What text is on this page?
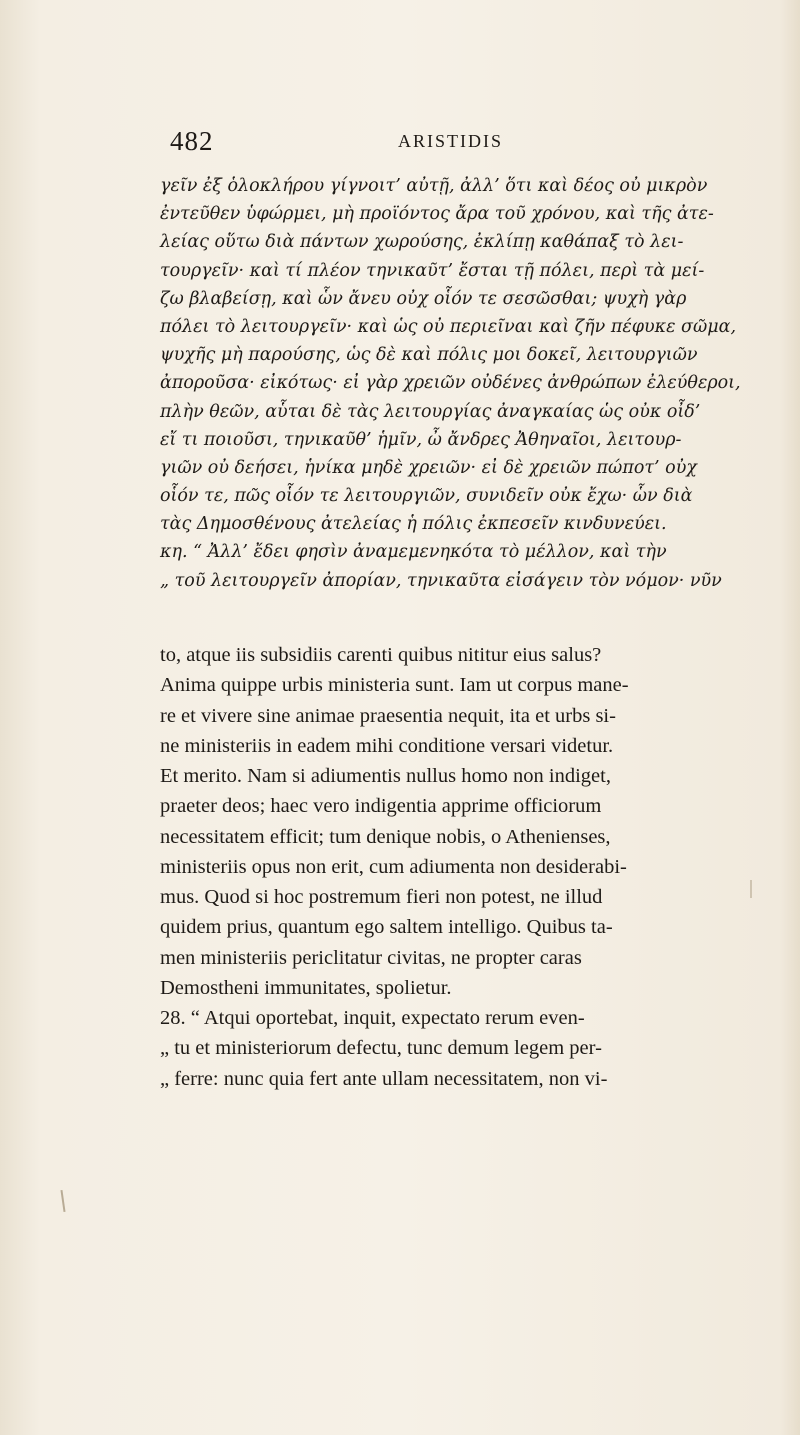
482	ARISTIDIS
γεῖν ἐξ ὁλοκλήρου γίγνοιτ’ αὐτῇ, ἀλλ’ ὅτι καὶ δέος οὐ μικρὸν
ἐντεῦθεν ὑφώρμει, μὴ προϊόντος ἄρα τοῦ χρόνου, καὶ τῆς ἀτε-
λείας οὕτω διὰ πάντων χωρούσης, ἐκλίπῃ καθάπαξ τὸ λει-
τουργεῖν· καὶ τί πλέον τηνικαῦτ’ ἔσται τῇ πόλει, περὶ τὰ μεί-
ζω βλαβείσῃ, καὶ ὧν ἄνευ οὐχ οἷόν τε σεσῶσθαι; ψυχὴ γὰρ
πόλει τὸ λειτουργεῖν· καὶ ὡς οὐ περιεῖναι καὶ ζῆν πέφυκε σῶμα,
ψυχῆς μὴ παρούσης, ὡς δὲ καὶ πόλις μοι δοκεῖ, λειτουργιῶν
ἀποροῦσα· εἰκότως· εἰ γὰρ χρειῶν οὐδένες ἀνθρώπων ἐλεύθεροι,
πλὴν θεῶν, αὗται δὲ τὰς λειτουργίας ἀναγκαίας ὡς οὐκ οἶδ’
εἴ τι ποιοῦσι, τηνικαῦθ’ ἡμῖν, ὦ ἄνδρες Ἀθηναῖοι, λειτουρ-
γιῶν οὐ δεήσει, ἡνίκα μηδὲ χρειῶν· εἰ δὲ χρειῶν πώποτ’ οὐχ
οἷόν τε, πῶς οἷόν τε λειτουργιῶν, συνιδεῖν οὐκ ἔχω· ὧν διὰ
τὰς Δημοσθένους ἀτελείας ἡ πόλις ἐκπεσεῖν κινδυνεύει.
κη. “ Ἀλλ’ ἔδει φησὶν ἀναμεμενηκότα τὸ μέλλον, καὶ τὴν
„ τοῦ λειτουργεῖν ἀπορίαν, τηνικαῦτα εἰσάγειν τὸν νόμον· νῦν
to, atque iis subsidiis carenti quibus nititur eius salus?
Anima quippe urbis ministeria sunt. Iam ut corpus mane-
re et vivere sine animae praesentia nequit, ita et urbs si-
ne ministeriis in eadem mihi conditione versari videtur.
Et merito. Nam si adiumentis nullus homo non indiget,
praeter deos; haec vero indigentia apprime officiorum
necessitatem efficit; tum denique nobis, o Athenienses,
ministeriis opus non erit, cum adiumenta non desiderabi-
mus. Quod si hoc postremum fieri non potest, ne illud
quidem prius, quantum ego saltem intelligo. Quibus ta-
men ministeriis periclitatur civitas, ne propter caras
Demostheni immunitates, spolietur.
28. “ Atqui oportebat, inquit, expectato rerum even-
„ tu et ministeriorum defectu, tunc demum legem per-
„ ferre: nunc quia fert ante ullam necessitatem, non vi-
